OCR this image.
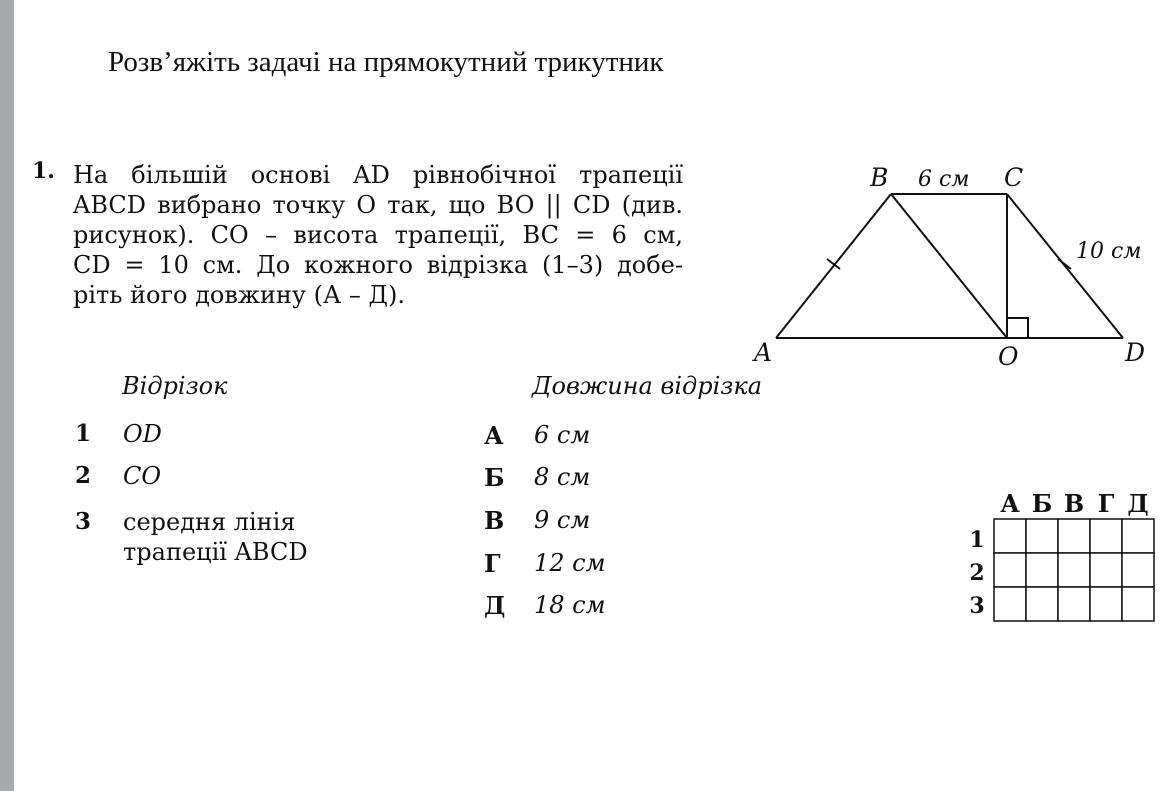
Розв’яжіть задачі на прямокутний трикутник
1. На більшій основі AD рівнобічної трапеції
ABCD вибрано точку O так, що BO || CD (див.
рисунок). CO – висота трапеції, BC = 6 см,
CD = 10 см. До кожного відрізка (1–3) добе-
ріть його довжину (А – Д).
Відрізок	Довжина відрізка
1 OD
2 CO
3 середня лінія
трапеції ABCD
А 6 см
Б 8 см
В 9 см
Г 12 см
Д 18 см
B	C
A	O	D
6 см
10 см
А Б В Г Д
1
2
3
